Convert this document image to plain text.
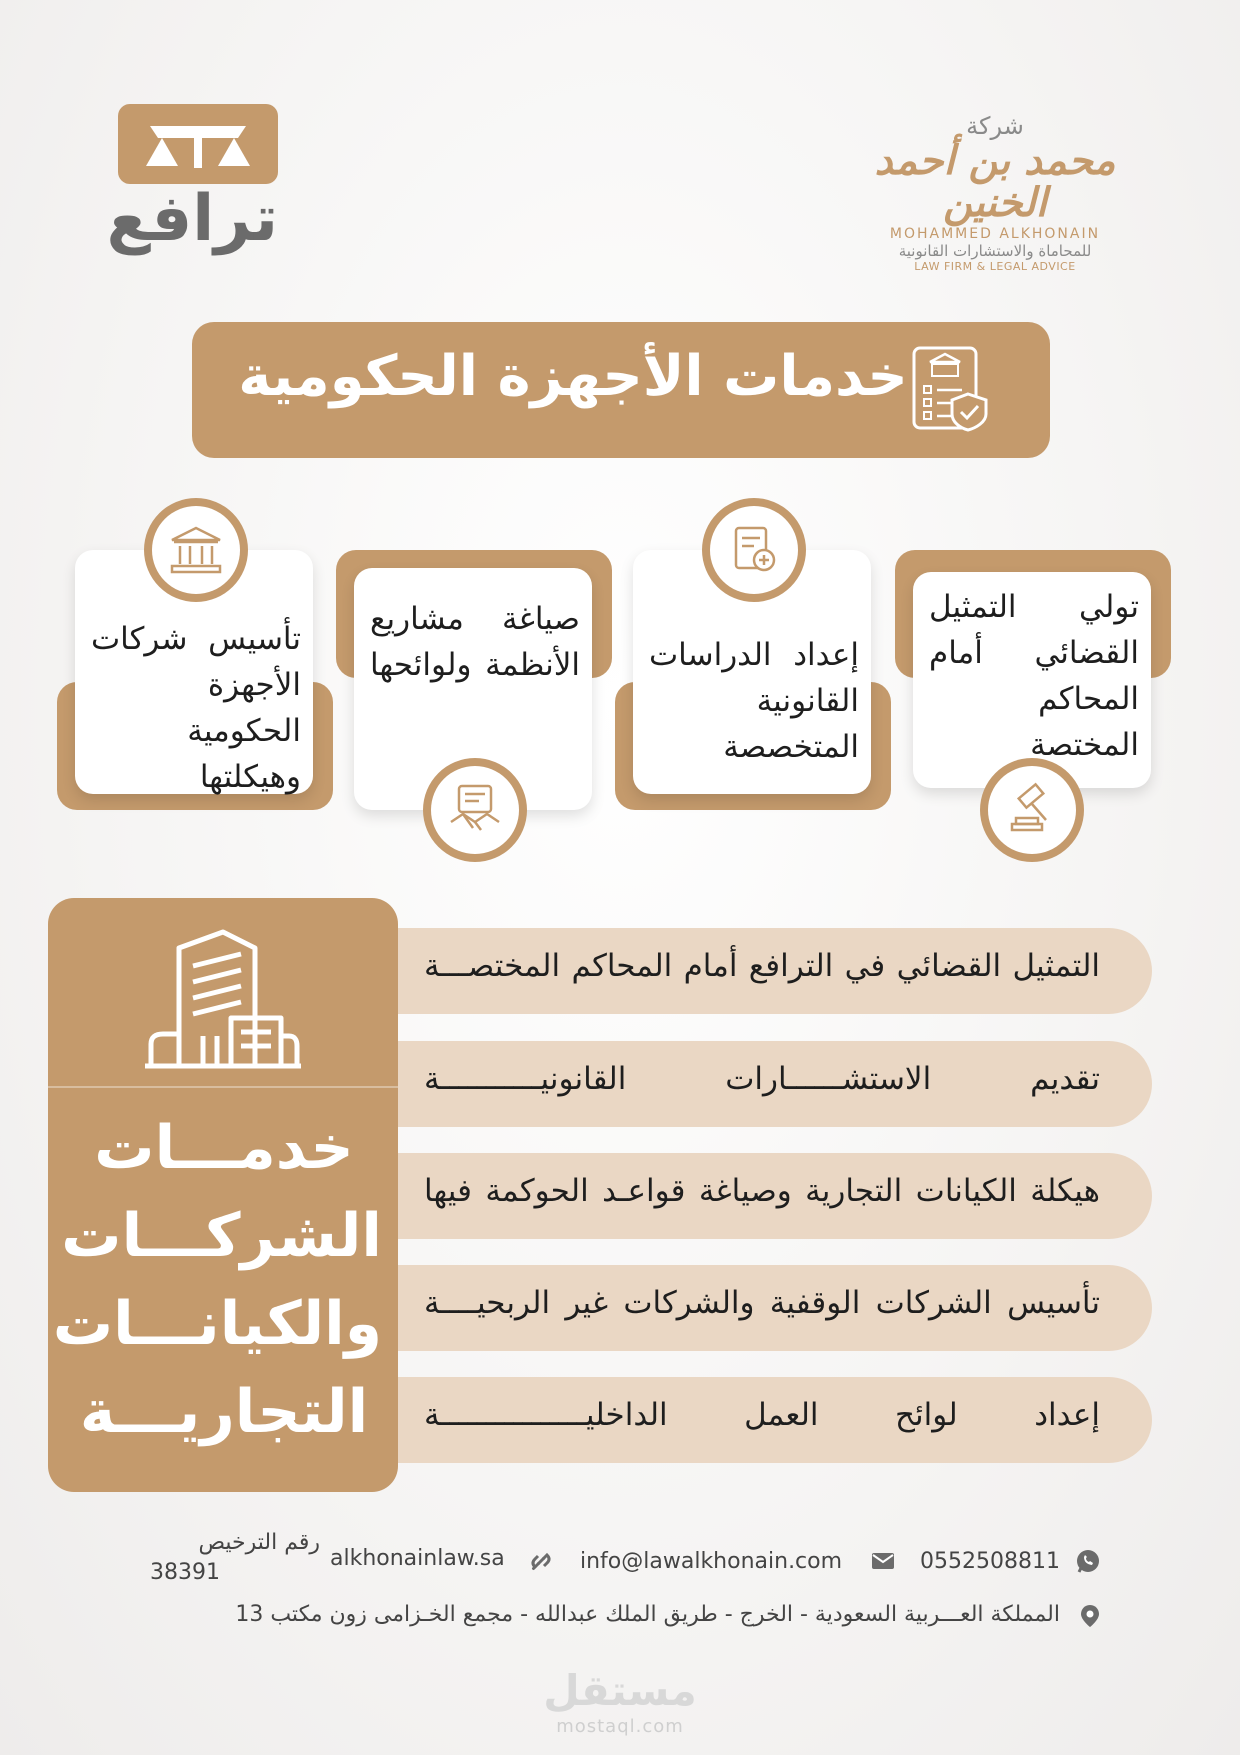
ترافع
شركة
محمد بن أحمد الخنين
MOHAMMED ALKHONAIN
للمحاماة والاستشارات القانونية
LAW FIRM & LEGAL ADVICE
خدمات الأجهزة الحكومية
تولي التمثيل القضائي أمام المحاكم المختصة
إعداد الدراسات القانونية المتخصصة
صياغة مشاريع الأنظمة ولوائحها
تأسيس شركات الأجهزة الحكومية وهيكلتها
التمثيل القضائي في الترافع أمام المحاكم المختصـــة
تقديم الاستشــــــارات القانونيـــــــــــة
هيكلة الكيانات التجارية وصياغة قواعـد الحوكمة فيها
تأسيس الشركات الوقفية والشركات غير الربحيــــة
إعداد لوائح العمل الداخليــــــــــــــــة
خدمـــات
الشركـــات
والكيانـــات
التجاريـــة
0552508811
info@lawalkhonain.com
alkhonainlaw.sa
رقم الترخيص
38391
المملكة العـــربية السعودية - الخرج - طريق الملك عبدالله - مجمع الخـزامى زون مكتب 13
مستقل
mostaql.com
